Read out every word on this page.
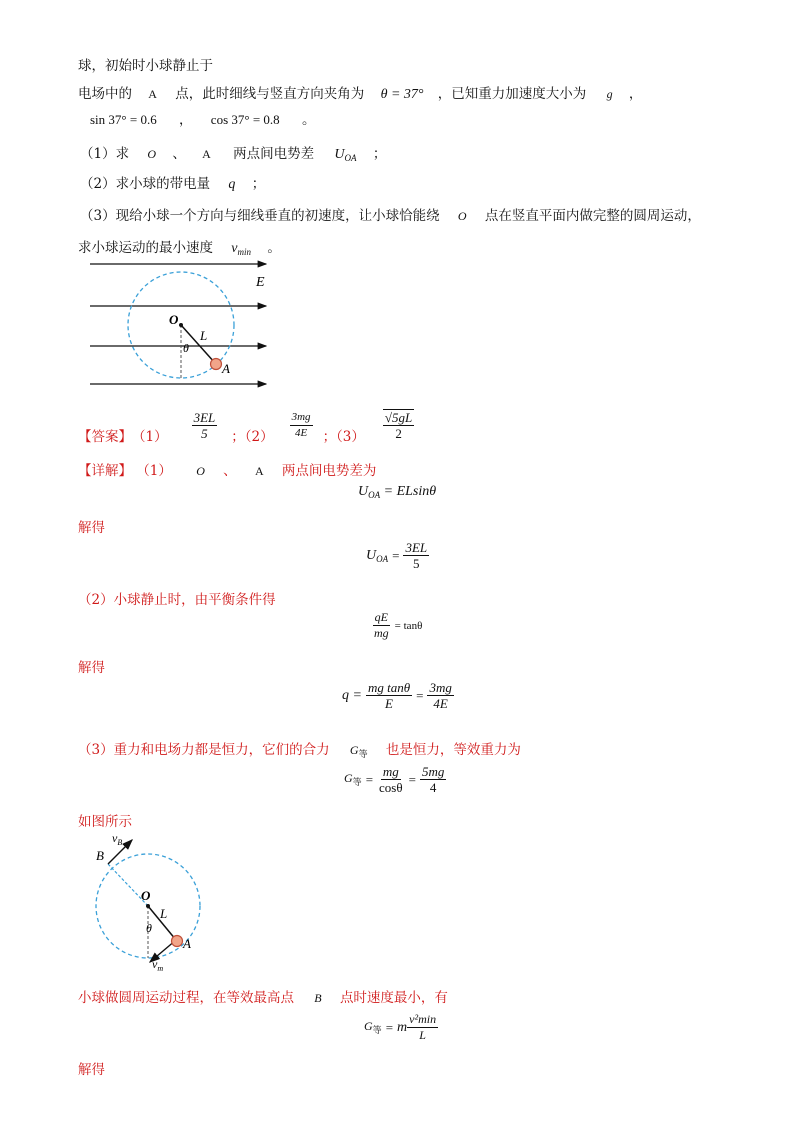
球，初始时小球静止于
电场中的 A 点，此时细线与竖直方向夹角为 θ = 37° ，已知重力加速度大小为 g ，
sin 37° = 0.6 ， cos 37° = 0.8 。
（1）求 O 、 A 两点间电势差 $U_{OA}$ ；
（2）求小球的带电量 q ；
（3）现给小球一个方向与细线垂直的初速度，让小球恰能绕 O 点在竖直平面内做完整的圆周运动，
求小球运动的最小速度 $v_{min}$ 。
E
O
L
θ
A
【答案】 $(1) \frac{3EL}{5}$ ；$(2) \frac{3mg}{4E}$ ；$(3) \frac{√5gL}{2}$
【详解】 （1） O 、 A 两点间电势差为
$U_{OA} = ELsin\theta$
解得
$U_{OA} = \frac{3EL}{5}$
（2）小球静止时，由平衡条件得
$\frac{qE}{mg} = \tan\theta$
解得
$q = \frac{\text{mg tanθ}}{E} = \frac{3mg}{4E}$
（3）重力和电场力都是恒力，它们的合力 $G_等$ 也是恒力，等效重力为
$G_等 = \frac{mg}{\cos\theta} = \frac{5mg}{4}$
如图所示
$v_B$
B
O
L
θ
A
$v_m$
小球做圆周运动过程，在等效最高点 B 点时速度最小，有
$G_等 = m \frac{\text{v²min}}{L}$
解得
